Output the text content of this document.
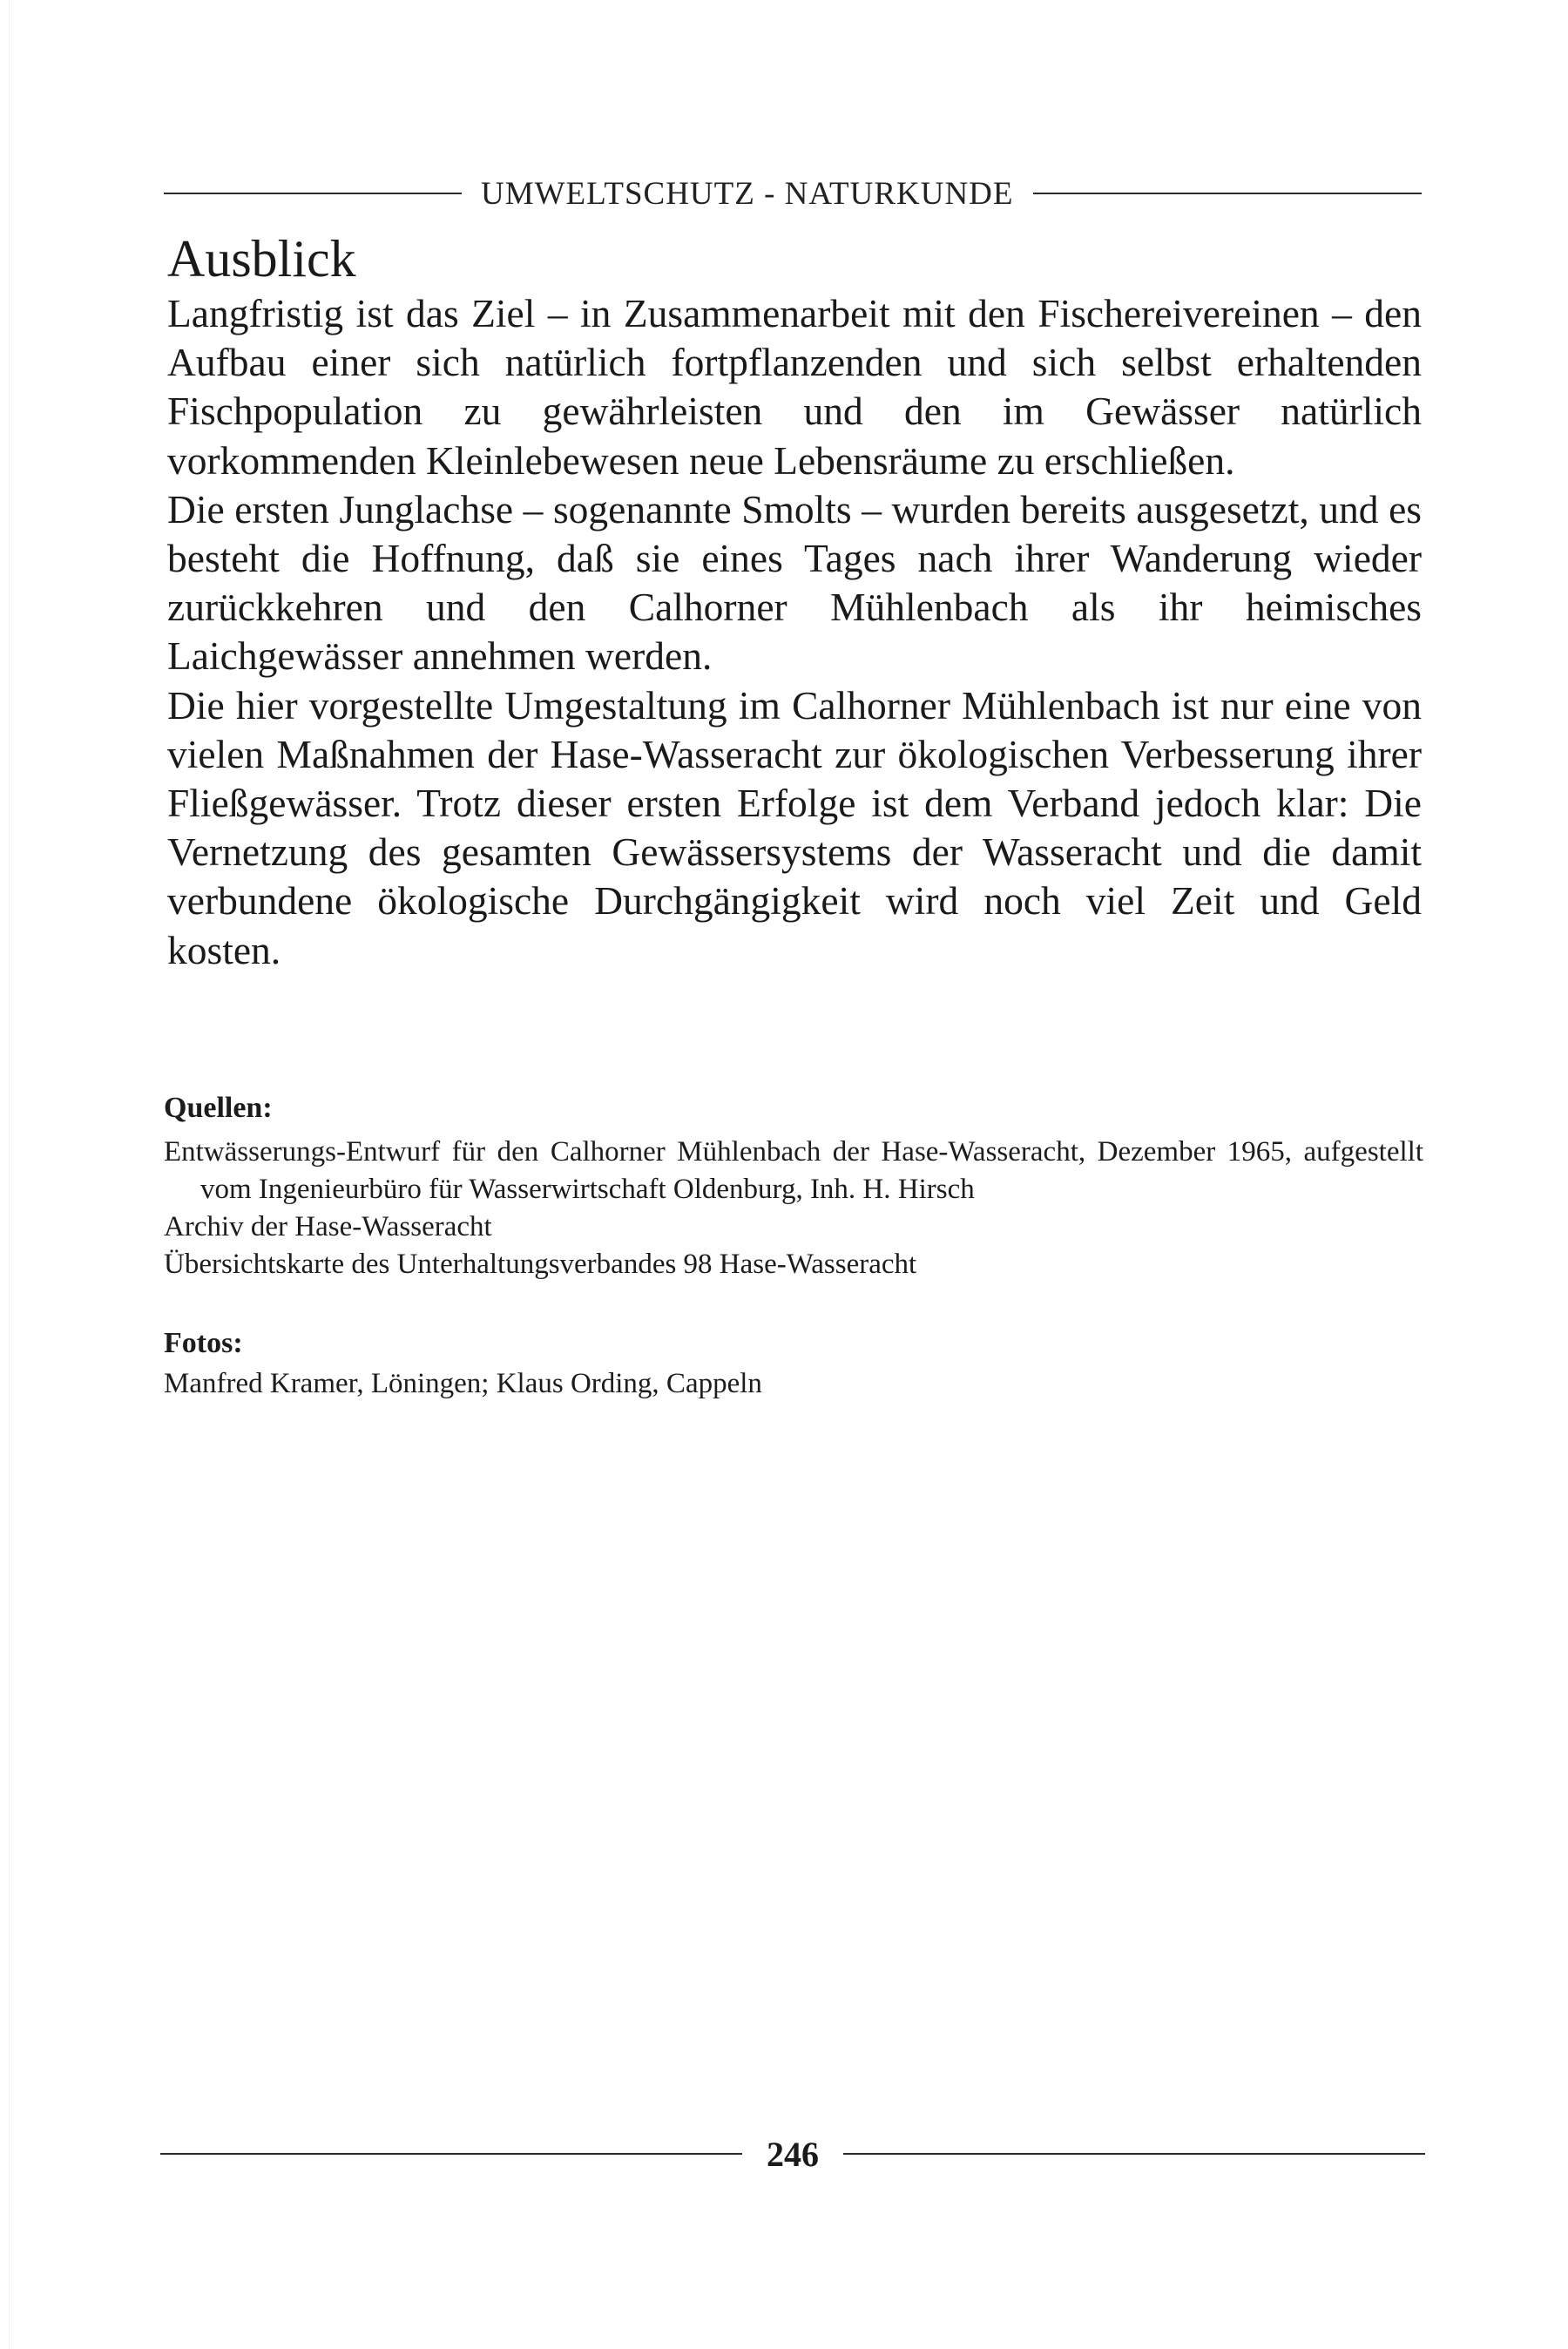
UMWELTSCHUTZ - NATURKUNDE
Ausblick

Langfristig ist das Ziel – in Zusammenarbeit mit den Fischereivereinen – den Aufbau einer sich natürlich fortpflanzenden und sich selbst erhaltenden Fischpopulation zu gewährleisten und den im Gewässer natürlich vorkommenden Kleinlebewesen neue Lebensräume zu erschließen.

Die ersten Junglachse – sogenannte Smolts – wurden bereits ausgesetzt, und es besteht die Hoffnung, daß sie eines Tages nach ihrer Wanderung wieder zurückkehren und den Calhorner Mühlenbach als ihr heimisches Laichgewässer annehmen werden.

Die hier vorgestellte Umgestaltung im Calhorner Mühlenbach ist nur eine von vielen Maßnahmen der Hase-Wasseracht zur ökologischen Verbesserung ihrer Fließgewässer. Trotz dieser ersten Erfolge ist dem Verband jedoch klar: Die Vernetzung des gesamten Gewässersystems der Wasseracht und die damit verbundene ökologische Durchgängigkeit wird noch viel Zeit und Geld kosten.

Quellen:

Entwässerungs-Entwurf für den Calhorner Mühlenbach der Hase-Wasseracht, Dezember 1965, aufgestellt vom Ingenieurbüro für Wasserwirtschaft Oldenburg, Inh. H. Hirsch

Archiv der Hase-Wasseracht

Übersichtskarte des Unterhaltungsverbandes 98 Hase-Wasseracht

Fotos:

Manfred Kramer, Löningen; Klaus Ording, Cappeln

246
